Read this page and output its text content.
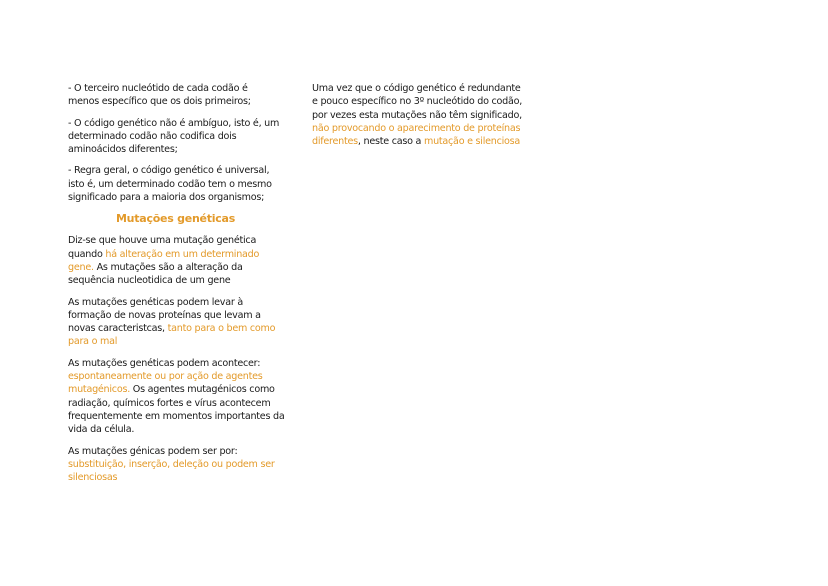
- O terceiro nucleótido de cada codão é
menos específico que os dois primeiros;
- O código genético não é ambíguo, isto é, um
determinado codão não codifica dois
aminoácidos diferentes;
- Regra geral, o código genético é universal,
isto é, um determinado codão tem o mesmo
significado para a maioria dos organismos;
Mutações genéticas
Diz-se que houve uma mutação genética
quando há alteração em um determinado
gene. As mutações são a alteração da
sequência nucleotidica de um gene
As mutações genéticas podem levar à
formação de novas proteínas que levam a
novas caracteristcas, tanto para o bem como
para o mal
As mutações genéticas podem acontecer:
espontaneamente ou por ação de agentes
mutagénicos. Os agentes mutagénicos como
radiação, químicos fortes e vírus acontecem
frequentemente em momentos importantes da
vida da célula.
As mutações génicas podem ser por:
substituição, inserção, deleção ou podem ser
silenciosas
Uma vez que o código genético é redundante
e pouco específico no 3º nucleótido do codão,
por vezes esta mutações não têm significado,
não provocando o aparecimento de proteínas
diferentes, neste caso a mutação e silenciosa
